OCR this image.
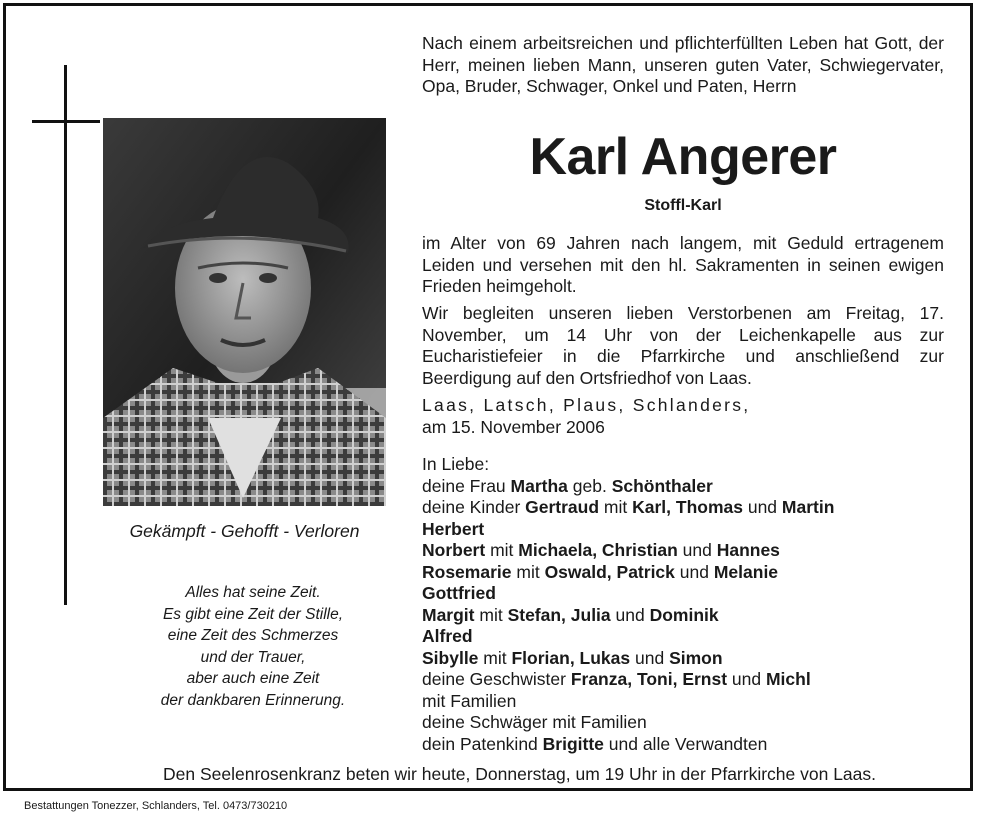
Gekämpft - Gehofft - Verloren
Alles hat seine Zeit.
Es gibt eine Zeit der Stille,
eine Zeit des Schmerzes
und der Trauer,
aber auch eine Zeit
der dankbaren Erinnerung.
Nach einem arbeitsreichen und pflichterfüllten Leben hat Gott, der Herr, meinen lieben Mann, unseren guten Vater, Schwiegervater, Opa, Bruder, Schwager, Onkel und Paten, Herrn
Karl Angerer
Stoffl-Karl
im Alter von 69 Jahren nach langem, mit Geduld ertragenem Leiden und versehen mit den hl. Sakramenten in seinen ewigen Frieden heimgeholt.
Wir begleiten unseren lieben Verstorbenen am Freitag, 17. November, um 14 Uhr von der Leichenkapelle aus zur Eucharistiefeier in die Pfarrkirche und anschließend zur Beerdigung auf den Ortsfriedhof von Laas.
Laas, Latsch, Plaus, Schlanders,
am 15. November 2006
In Liebe:
deine Frau Martha geb. Schönthaler
deine Kinder Gertraud mit Karl, Thomas und Martin
Herbert
Norbert mit Michaela, Christian und Hannes
Rosemarie mit Oswald, Patrick und Melanie
Gottfried
Margit mit Stefan, Julia und Dominik
Alfred
Sibylle mit Florian, Lukas und Simon
deine Geschwister Franza, Toni, Ernst und Michl
mit Familien
deine Schwäger mit Familien
dein Patenkind Brigitte und alle Verwandten
Den Seelenrosenkranz beten wir heute, Donnerstag, um 19 Uhr in der Pfarrkirche von Laas.
Bestattungen Tonezzer, Schlanders, Tel. 0473/730210
